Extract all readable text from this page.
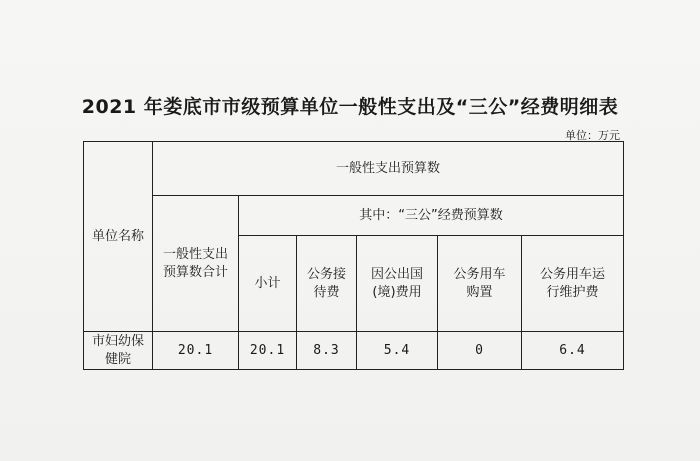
2021 年娄底市市级预算单位一般性支出及“三公”经费明细表
单位：万元
单位名称	一般性支出预算数					
	一般性支出预算数合计	其中：“三公”经费预算数				
		小计	公务接待费	因公出国(境)费用	公务用车购置	公务用车运行维护费
市妇幼保健院	20.1	20.1	8.3	5.4	0	6.4
